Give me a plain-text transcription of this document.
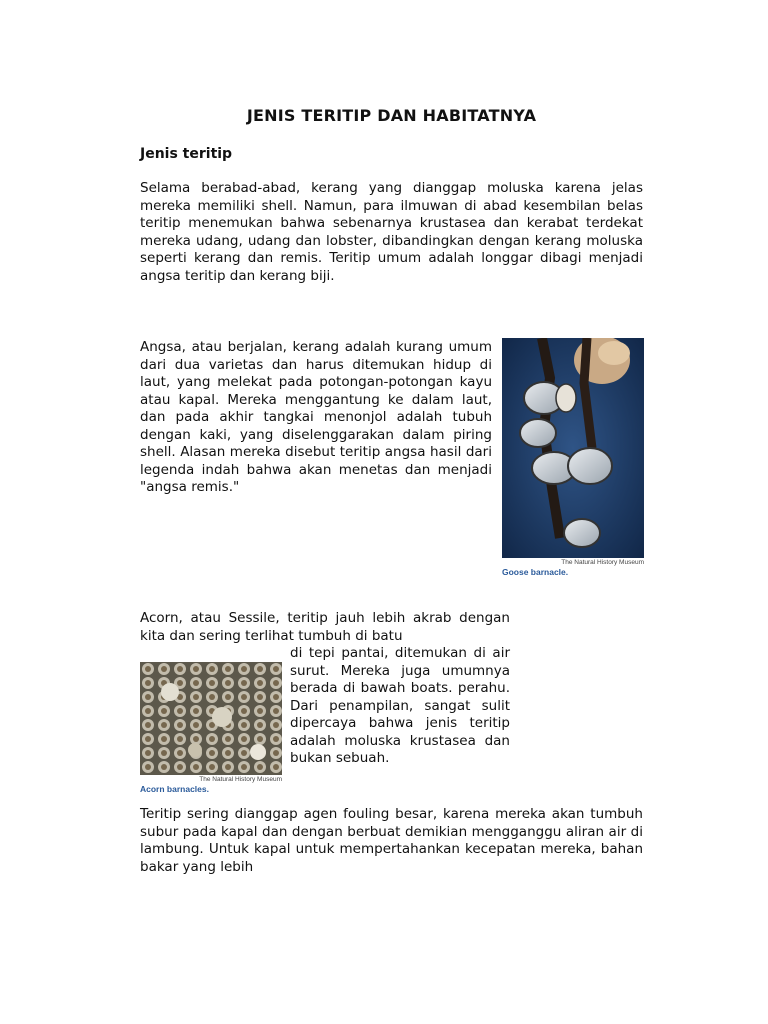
JENIS TERITIP DAN HABITATNYA
Jenis teritip

Selama berabad-abad, kerang yang dianggap moluska karena jelas mereka memiliki shell. Namun, para ilmuwan di abad kesembilan belas teritip menemukan bahwa sebenarnya krustasea dan kerabat terdekat mereka udang, udang dan lobster, dibandingkan dengan kerang moluska seperti kerang dan remis. Teritip umum adalah longgar dibagi menjadi angsa teritip dan kerang biji.

Angsa, atau berjalan, kerang adalah kurang umum dari dua varietas dan harus ditemukan hidup di laut, yang melekat pada potongan-potongan kayu atau kapal. Mereka menggantung ke dalam laut, dan pada akhir tangkai menonjol adalah tubuh dengan kaki, yang diselenggarakan dalam piring shell. Alasan mereka disebut teritip angsa hasil dari legenda indah bahwa akan menetas dan menjadi "angsa remis."

The Natural History Museum
Goose barnacle.

Acorn, atau Sessile, teritip jauh lebih akrab dengan kita dan sering terlihat tumbuh di batu

di tepi pantai, ditemukan di air surut. Mereka juga umumnya berada di bawah boats. perahu. Dari penampilan, sangat sulit dipercaya bahwa jenis teritip adalah moluska krustasea dan bukan sebuah.

The Natural History Museum
Acorn barnacles.

Teritip sering dianggap agen fouling besar, karena mereka akan tumbuh subur pada kapal dan dengan berbuat demikian mengganggu aliran air di lambung. Untuk kapal untuk mempertahankan kecepatan mereka, bahan bakar yang lebih
